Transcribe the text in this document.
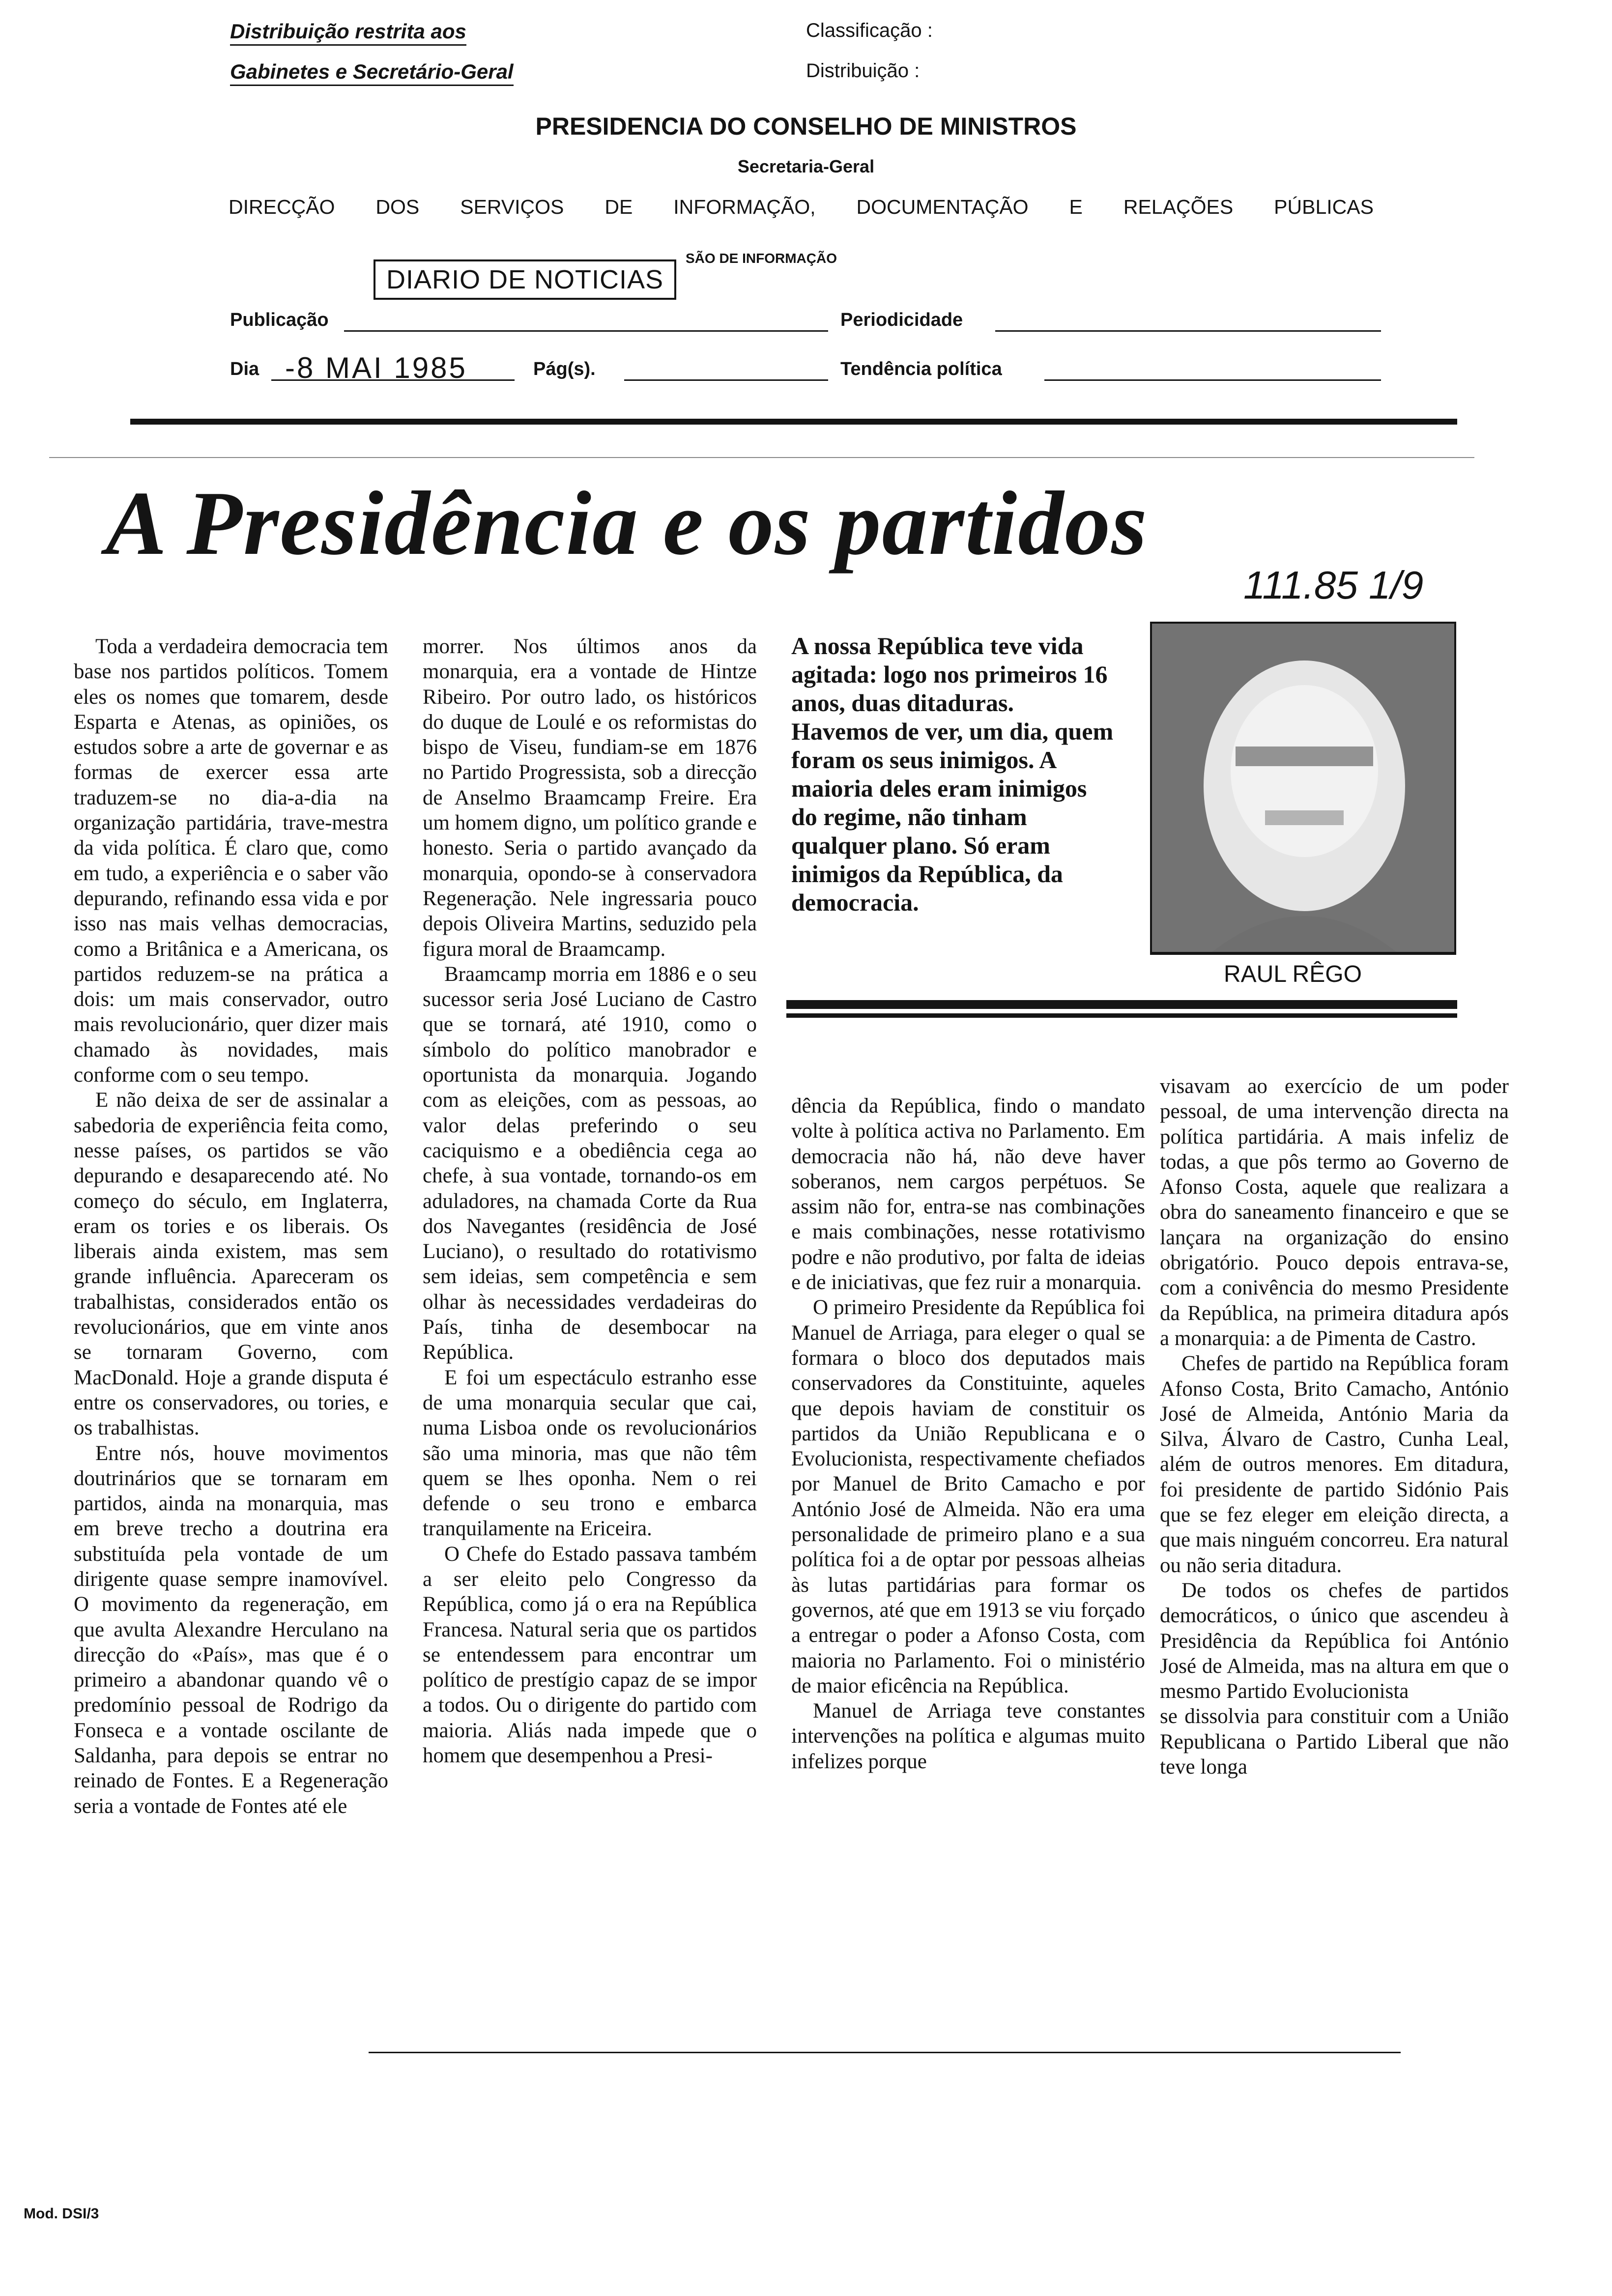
Distribuição restrita aos
Gabinetes e Secretário-Geral
Classificação :
Distribuição :
PRESIDENCIA DO CONSELHO DE MINISTROS
Secretaria-Geral
DIRECÇÃO DOS SERVIÇOS DE INFORMAÇÃO, DOCUMENTAÇÃO E RELAÇÕES PÚBLICAS
SÃO DE INFORMAÇÃO
DIARIO DE NOTICIAS
Publicação	Periodicidade
Dia -8 MAI 1985	Pág(s).	Tendência política
A Presidência e os partidos
111.85 1/9

Toda a verdadeira democracia tem base nos partidos políticos. Tomem eles os nomes que tomarem, desde Esparta e Atenas, as opiniões, os estudos sobre a arte de governar e as formas de exercer essa arte traduzem-se no dia-a-dia na organização partidária, trave-mestra da vida política. É claro que, como em tudo, a experiência e o saber vão depurando, refinando essa vida e por isso nas mais velhas democracias, como a Britânica e a Americana, os partidos reduzem-se na prática a dois: um mais conservador, outro mais revolucionário, quer dizer mais chamado às novidades, mais conforme com o seu tempo.

E não deixa de ser de assinalar a sabedoria de experiência feita como, nesse países, os partidos se vão depurando e desaparecendo até. No começo do século, em Inglaterra, eram os tories e os liberais. Os liberais ainda existem, mas sem grande influência. Apareceram os trabalhistas, considerados então os revolucionários, que em vinte anos se tornaram Governo, com MacDonald. Hoje a grande disputa é entre os conservadores, ou tories, e os trabalhistas.

Entre nós, houve movimentos doutrinários que se tornaram em partidos, ainda na monarquia, mas em breve trecho a doutrina era substituída pela vontade de um dirigente quase sempre inamovível. O movimento da regeneração, em que avulta Alexandre Herculano na direcção do «País», mas que é o primeiro a abandonar quando vê o predomínio pessoal de Rodrigo da Fonseca e a vontade oscilante de Saldanha, para depois se entrar no reinado de Fontes. E a Regeneração seria a vontade de Fontes até ele

morrer. Nos últimos anos da monarquia, era a vontade de Hintze Ribeiro. Por outro lado, os históricos do duque de Loulé e os reformistas do bispo de Viseu, fundiam-se em 1876 no Partido Progressista, sob a direcção de Anselmo Braamcamp Freire. Era um homem digno, um político grande e honesto. Seria o partido avançado da monarquia, opondo-se à conservadora Regeneração. Nele ingressaria pouco depois Oliveira Martins, seduzido pela figura moral de Braamcamp.

Braamcamp morria em 1886 e o seu sucessor seria José Luciano de Castro que se tornará, até 1910, como o símbolo do político manobrador e oportunista da monarquia. Jogando com as eleições, com as pessoas, ao valor delas preferindo o seu caciquismo e a obediência cega ao chefe, à sua vontade, tornando-os em aduladores, na chamada Corte da Rua dos Navegantes (residência de José Luciano), o resultado do rotativismo sem ideias, sem competência e sem olhar às necessidades verdadeiras do País, tinha de desembocar na República.

E foi um espectáculo estranho esse de uma monarquia secular que cai, numa Lisboa onde os revolucionários são uma minoria, mas que não têm quem se lhes oponha. Nem o rei defende o seu trono e embarca tranquilamente na Ericeira.

O Chefe do Estado passava também a ser eleito pelo Congresso da República, como já o era na República Francesa. Natural seria que os partidos se entendessem para encontrar um político de prestígio capaz de se impor a todos. Ou o dirigente do partido com maioria. Aliás nada impede que o homem que desempenhou a Presi-

A nossa República teve vida agitada: logo nos primeiros 16 anos, duas ditaduras. Havemos de ver, um dia, quem foram os seus inimigos. A maioria deles eram inimigos do regime, não tinham qualquer plano. Só eram inimigos da República, da democracia.
RAUL RÊGO

dência da República, findo o mandato volte à política activa no Parlamento. Em democracia não há, não deve haver soberanos, nem cargos perpétuos. Se assim não for, entra-se nas combinações e mais combinações, nesse rotativismo podre e não produtivo, por falta de ideias e de iniciativas, que fez ruir a monarquia.

O primeiro Presidente da República foi Manuel de Arriaga, para eleger o qual se formara o bloco dos deputados mais conservadores da Constituinte, aqueles que depois haviam de constituir os partidos da União Republicana e o Evolucionista, respectivamente chefiados por Manuel de Brito Camacho e por António José de Almeida. Não era uma personalidade de primeiro plano e a sua política foi a de optar por pessoas alheias às lutas partidárias para formar os governos, até que em 1913 se viu forçado a entregar o poder a Afonso Costa, com maioria no Parlamento. Foi o ministério de maior eficência na República.

Manuel de Arriaga teve constantes intervenções na política e algumas muito infelizes porque

visavam ao exercício de um poder pessoal, de uma intervenção directa na política partidária. A mais infeliz de todas, a que pôs termo ao Governo de Afonso Costa, aquele que realizara a obra do saneamento financeiro e que se lançara na organização do ensino obrigatório. Pouco depois entrava-se, com a conivência do mesmo Presidente da República, na primeira ditadura após a monarquia: a de Pimenta de Castro.

Chefes de partido na República foram Afonso Costa, Brito Camacho, António José de Almeida, António Maria da Silva, Álvaro de Castro, Cunha Leal, além de outros menores. Em ditadura, foi presidente de partido Sidónio Pais que se fez eleger em eleição directa, a que mais ninguém concorreu. Era natural ou não seria ditadura.

De todos os chefes de partidos democráticos, o único que ascendeu à Presidência da República foi António José de Almeida, mas na altura em que o mesmo Partido Evolucionista

se dissolvia para constituir com a União Republicana o Partido Liberal que não teve longa

Mod. DSI/3
